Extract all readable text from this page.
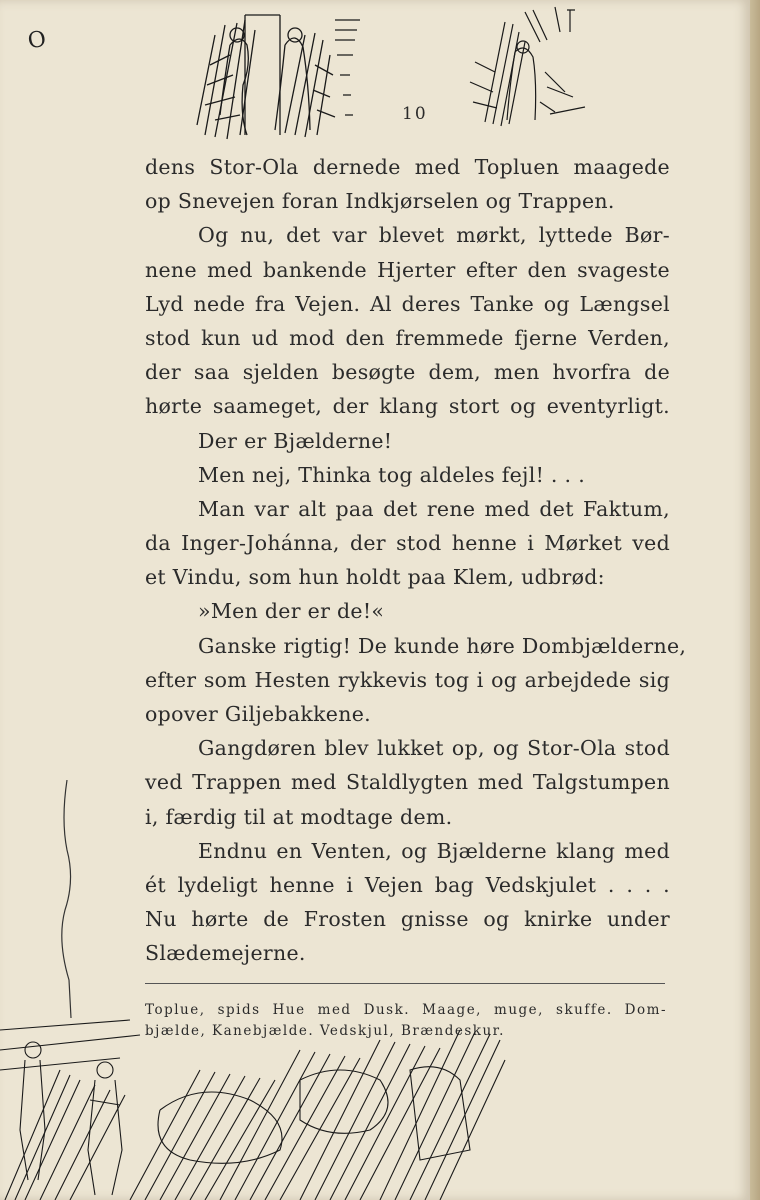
O
10
dens Stor-Ola dernede med Topluen maagede
op Snevejen foran Indkjørselen og Trappen.
Og nu, det var blevet mørkt, lyttede Bør-
nene med bankende Hjerter efter den svageste
Lyd nede fra Vejen. Al deres Tanke og Længsel
stod kun ud mod den fremmede fjerne Verden,
der saa sjelden besøgte dem, men hvorfra de
hørte saameget, der klang stort og eventyrligt.
Der er Bjælderne!
Men nej, Thinka tog aldeles fejl! . . .
Man var alt paa det rene med det Faktum,
da Inger-Johánna, der stod henne i Mørket ved
et Vindu, som hun holdt paa Klem, udbrød:
»Men der er de!«
Ganske rigtig! De kunde høre Dombjælderne,
efter som Hesten rykkevis tog i og arbejdede sig
opover Giljebakkene.
Gangdøren blev lukket op, og Stor-Ola stod
ved Trappen med Staldlygten med Talgstumpen
i, færdig til at modtage dem.
Endnu en Venten, og Bjælderne klang med
ét lydeligt henne i Vejen bag Vedskjulet . . . .
Nu hørte de Frosten gnisse og knirke under
Slædemejerne.
Toplue, spids Hue med Dusk. Maage, muge, skuffe. Dom-
bjælde, Kanebjælde. Vedskjul, Brændeskur.
